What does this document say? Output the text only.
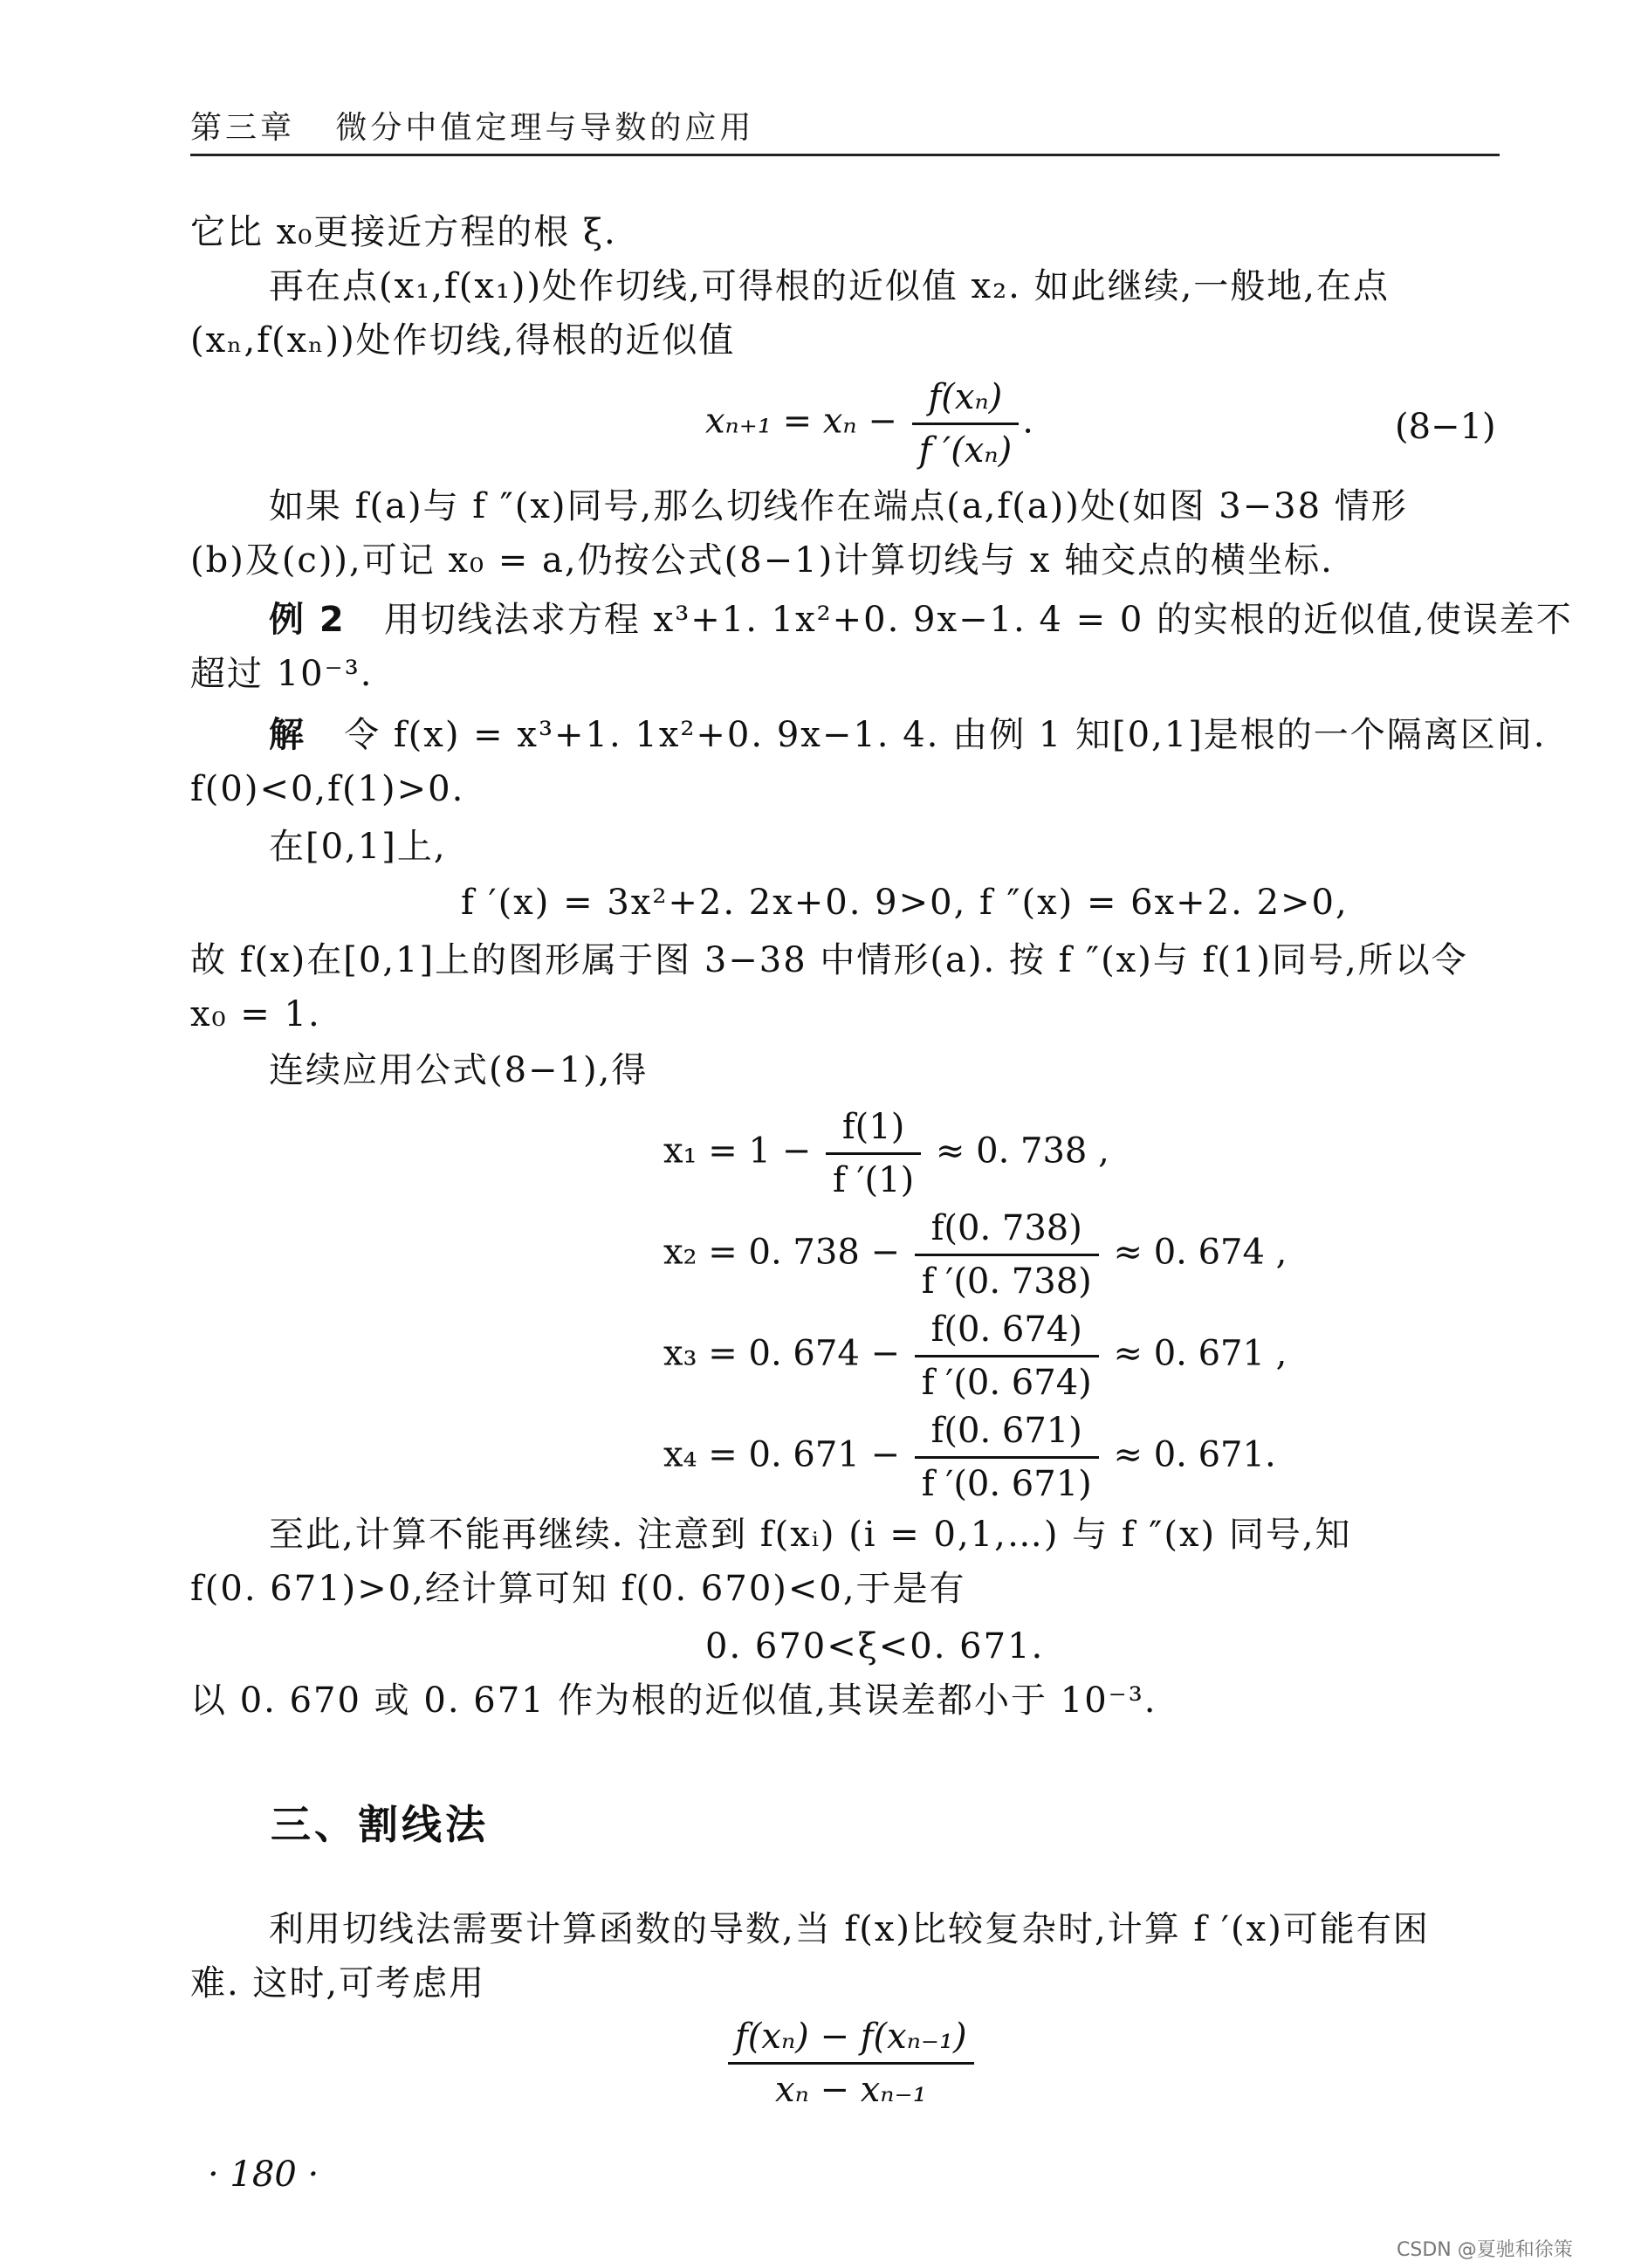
第三章 微分中值定理与导数的应用
它比 x₀更接近方程的根 ξ.
再在点(x₁,f(x₁))处作切线,可得根的近似值 x₂. 如此继续,一般地,在点
(xₙ,f(xₙ))处作切线,得根的近似值
$x_{n+1} = x_n - \frac{\text{f(xₙ)}}{\text{f ′(xₙ)}}$ .	(8−1)
如果 f(a)与 f ″(x)同号,那么切线作在端点(a,f(a))处(如图 3−38 情形
(b)及(c)),可记 x₀ = a,仍按公式(8−1)计算切线与 x 轴交点的横坐标.
例 2 用切线法求方程 x³+1. 1x²+0. 9x−1. 4 = 0 的实根的近似值,使误差不
超过 10⁻³.
解 令 f(x) = x³+1. 1x²+0. 9x−1. 4. 由例 1 知[0,1]是根的一个隔离区间.
f(0)<0,f(1)>0.
在[0,1]上,
f ′(x) = 3x²+2. 2x+0. 9>0, f ″(x) = 6x+2. 2>0,
故 f(x)在[0,1]上的图形属于图 3−38 中情形(a). 按 f ″(x)与 f(1)同号,所以令
x₀ = 1.
连续应用公式(8−1),得
$x_1 = 1 - \frac{f(1)}{f '(1)} \approx 0$. 738 ,
x₂ = 0. $738 - \frac{f(0. 738)}{f '(0. 738)} \approx 0$. 674 ,
x₃ = 0. $674 - \frac{f(0. 674)}{f '(0. 674)} \approx 0$. 671 ,
x₄ = 0. $671 - \frac{f(0. 671)}{f '(0. 671)} \approx 0$. 671.
至此,计算不能再继续. 注意到 f(xᵢ) (i = 0,1,…) 与 f ″(x) 同号,知
f(0. 671)>0,经计算可知 f(0. 670)<0,于是有
0. 670<ξ<0. 671.
以 0. 670 或 0. 671 作为根的近似值,其误差都小于 10⁻³.
三、割线法
利用切线法需要计算函数的导数,当 f(x)比较复杂时,计算 f ′(x)可能有困
难. 这时,可考虑用
$\frac{\text{f(xₙ) − f(xₙ₋₁)}}{\text{xₙ − xₙ₋₁}}$
· 180 ·
CSDN @夏驰和徐策
